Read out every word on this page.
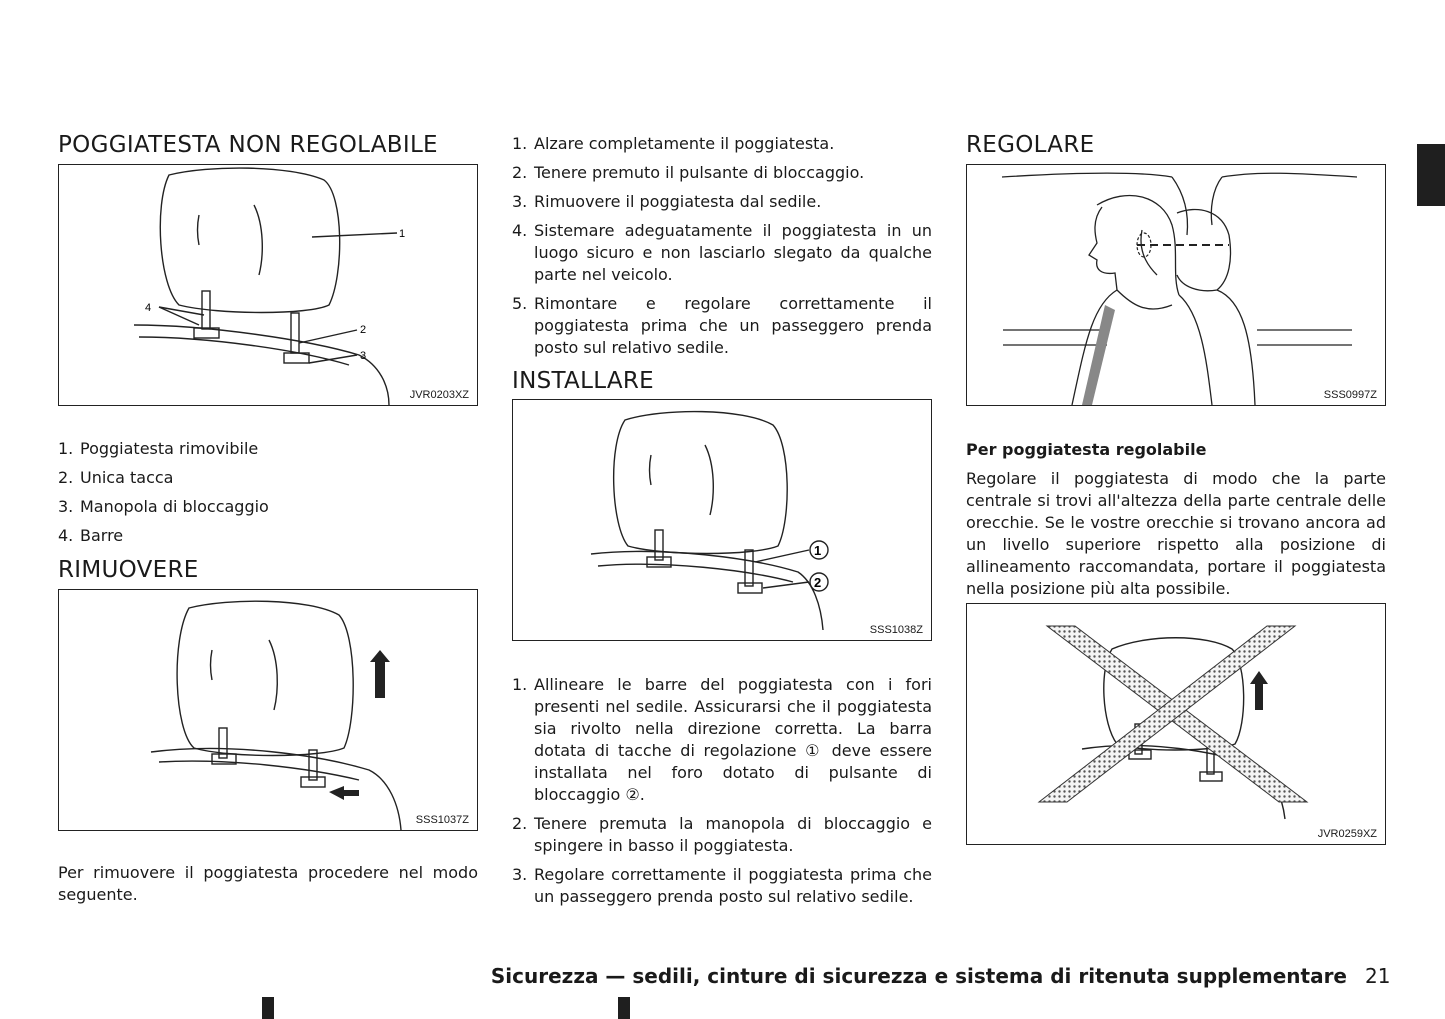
POGGIATESTA NON REGOLABILE
1
4
2
3
JVR0203XZ
1. Poggiatesta rimovibile
2. Unica tacca
3. Manopola di bloccaggio
4. Barre
RIMUOVERE
SSS1037Z

Per rimuovere il poggiatesta procedere nel modo seguente.

1. Alzare completamente il poggiatesta.
2. Tenere premuto il pulsante di bloccaggio.
3. Rimuovere il poggiatesta dal sedile.
4. Sistemare adeguatamente il poggiatesta in un luogo sicuro e non lasciarlo slegato da qualche parte nel veicolo.
5. Rimontare e regolare correttamente il poggiatesta prima che un passeggero prenda posto sul relativo sedile.
INSTALLARE
1
2
SSS1038Z
1. Allineare le barre del poggiatesta con i fori presenti nel sedile. Assicurarsi che il poggiatesta sia rivolto nella direzione corretta. La barra dotata di tacche di regolazione ① deve essere installata nel foro dotato di pulsante di bloccaggio ②.
2. Tenere premuta la manopola di bloccaggio e spingere in basso il poggiatesta.
3. Regolare correttamente il poggiatesta prima che un passeggero prenda posto sul relativo sedile.
REGOLARE
SSS0997Z

Per poggiatesta regolabile

Regolare il poggiatesta di modo che la parte centrale si trovi all'altezza della parte centrale delle orecchie. Se le vostre orecchie si trovano ancora ad un livello superiore rispetto alla posizione di allineamento raccomandata, portare il poggiatesta nella posizione più alta possibile.

JVR0259XZ
Sicurezza — sedili, cinture di sicurezza e sistema di ritenuta supplementare 21
